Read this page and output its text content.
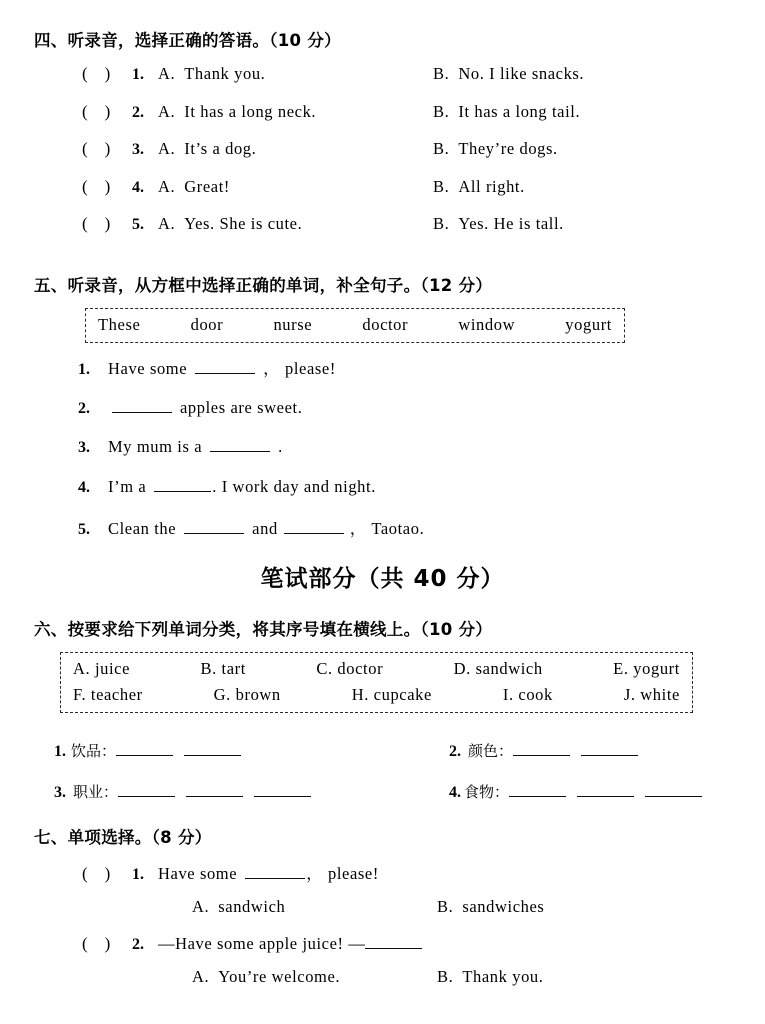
四、听录音，选择正确的答语。（10 分）
(    )	1. A. Thank you.	B. No. I like snacks.
(    )	2. A. It has a long neck.	B. It has a long tail.
(    )	3. A. It’s a dog.	B. They’re dogs.
(    )	4. A. Great!	B. All right.
(    )	5. A. Yes. She is cute.	B. Yes. He is tall.
五、听录音，从方框中选择正确的单词，补全句子。（12 分）
These	door	nurse	doctor	window	yogurt
1.	Have some	， please!
2.	apples are sweet.
3.	My mum is a	.
4.	I’m a	. I work day and night.
5.	Clean the	and	， Taotao.
笔试部分（共 40 分）
六、按要求给下列单词分类，将其序号填在横线上。（10 分）
A. juice	B. tart	C. doctor	D. sandwich	E. yogurt
F. teacher	G. brown	H. cupcake	I. cook	J. white
1. 饮品：
	2. 颜色：

3. 职业：
	4. 食物：

七、单项选择。（8 分）
(    )	1. Have some	， please!
A. sandwich	B. sandwiches
(    )	2. —Have some apple juice! —
A. You’re welcome.	B. Thank you.
